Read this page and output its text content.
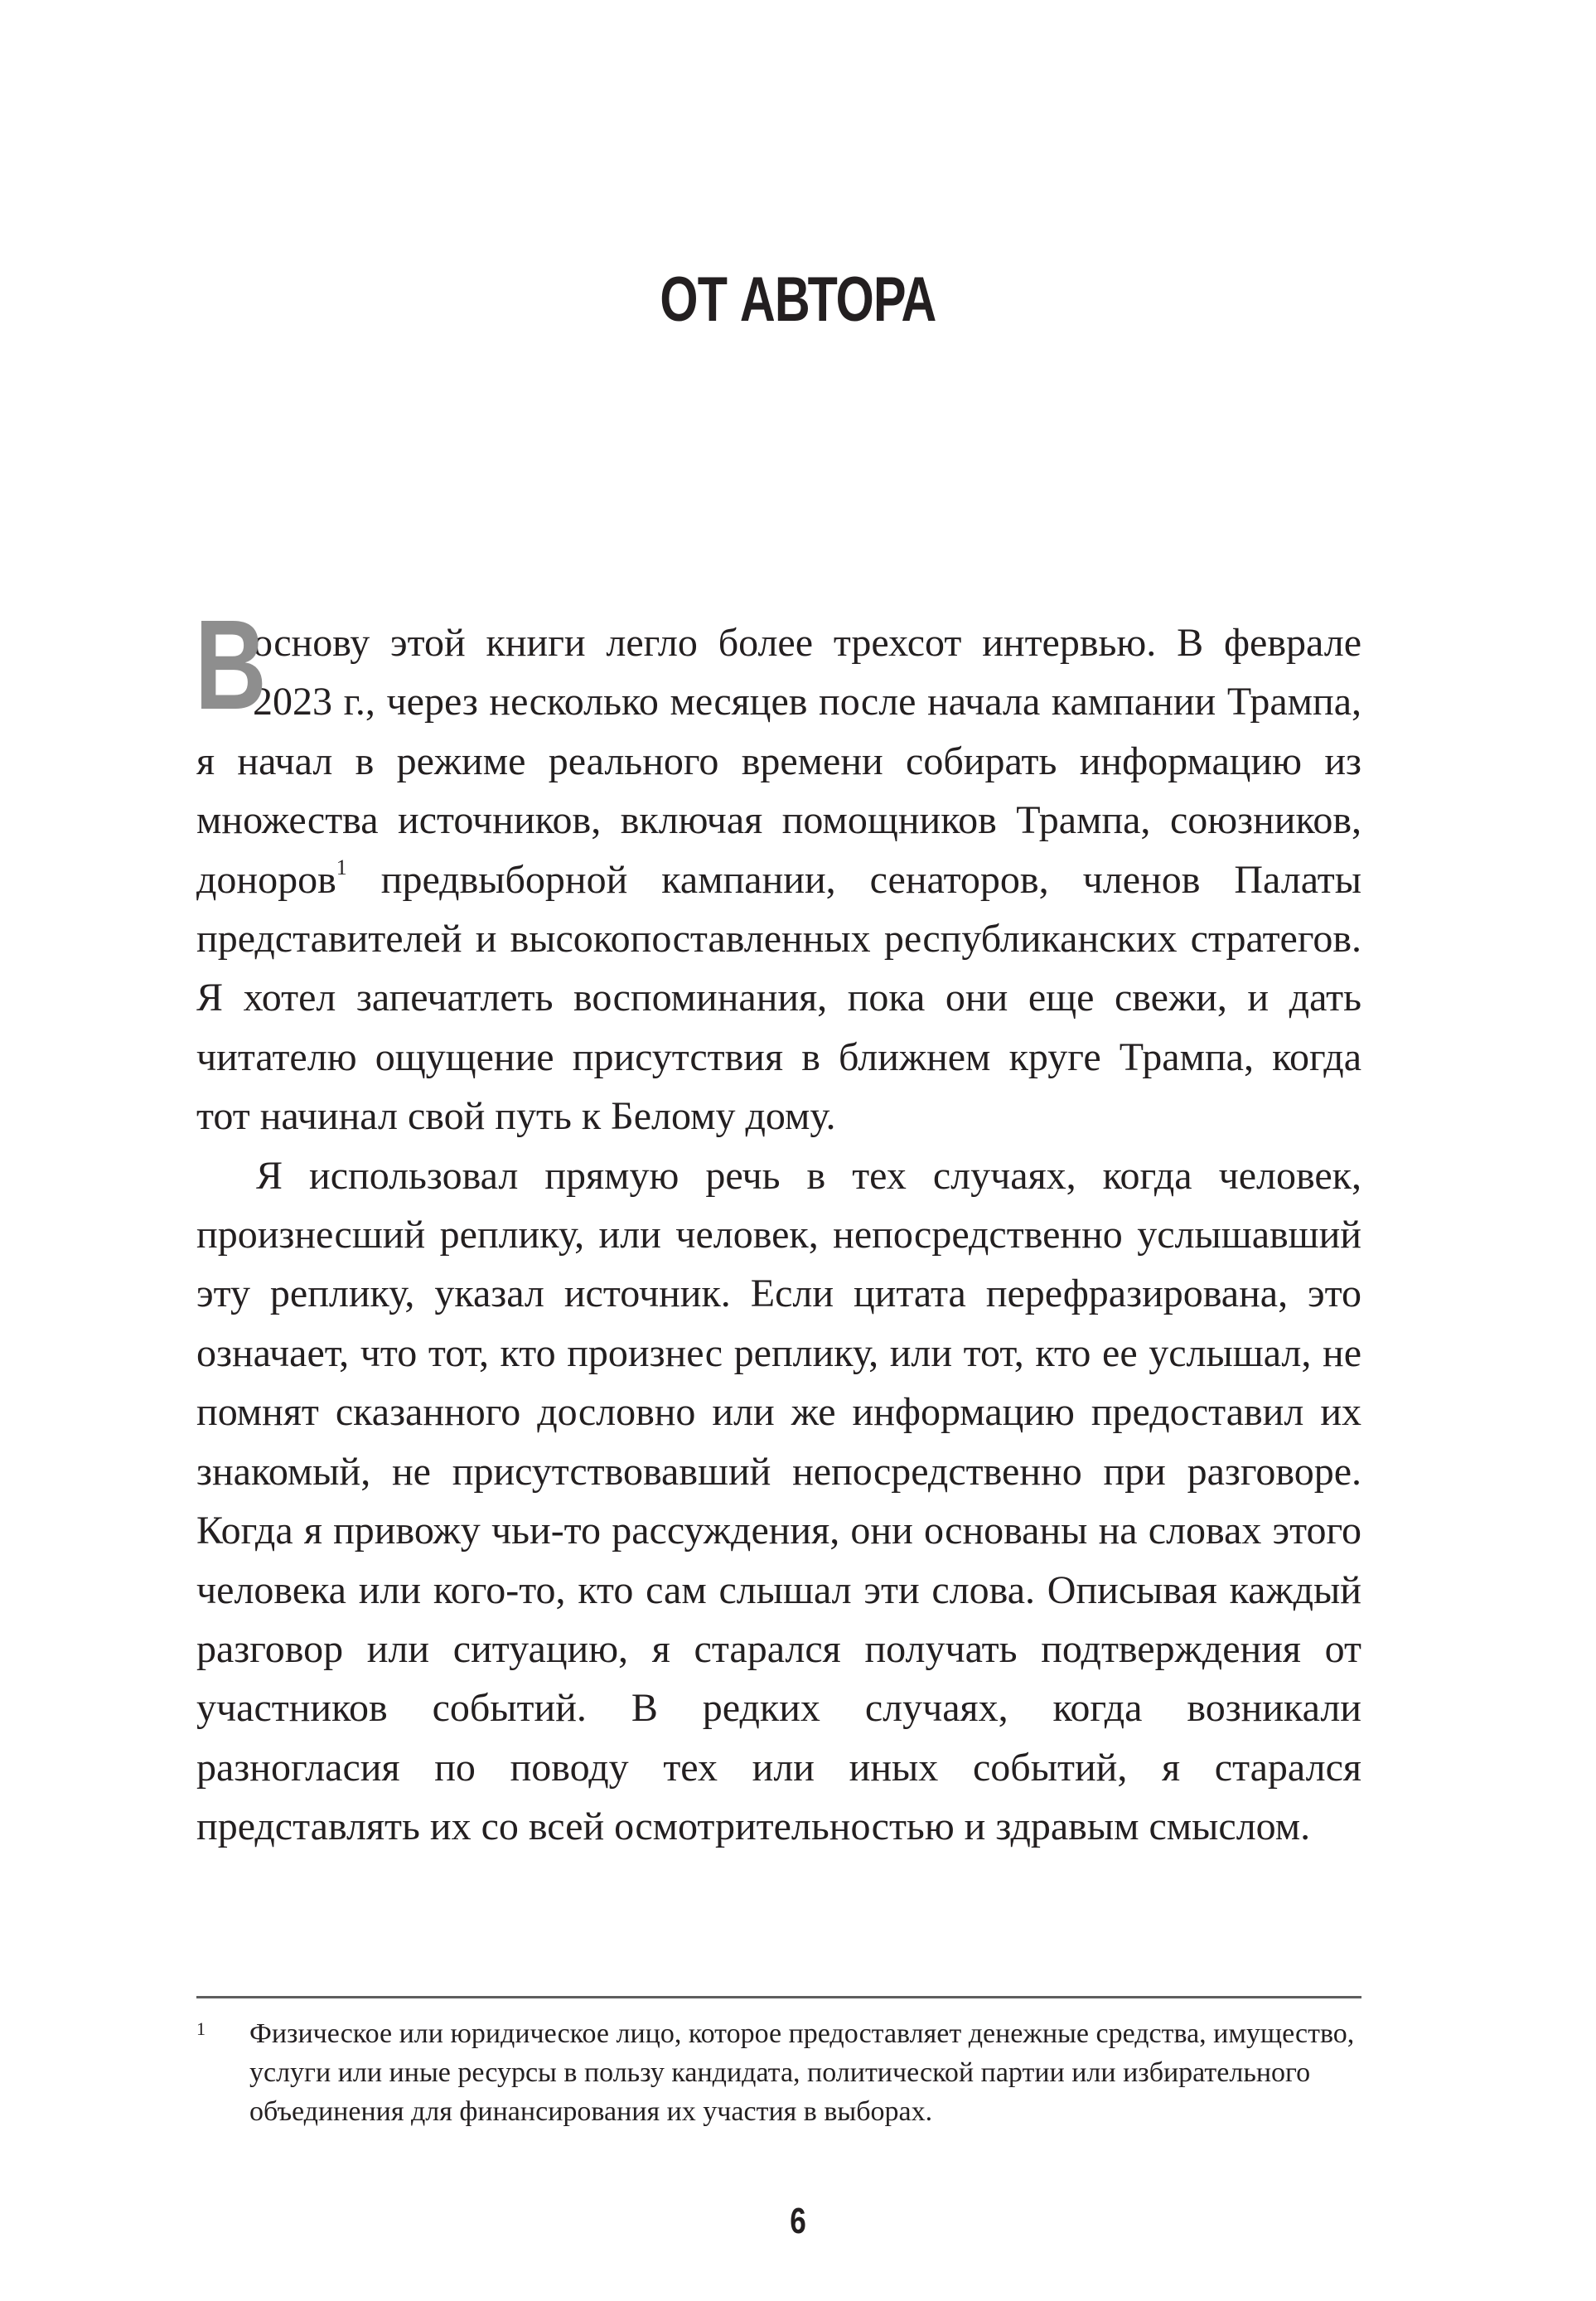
ОТ АВТОРА

В
основу этой книги легло более трехсот интервью. В феврале 2023 г., через несколько месяцев после начала кампании Трампа, я начал в режиме реального времени собирать информацию из множества источников, включая помощников Трампа, союзников, доноров$^1$ предвыборной кампании, сенаторов, членов Палаты представителей и высокопоставленных республиканских стратегов. Я хотел запечатлеть воспоминания, пока они еще свежи, и дать читателю ощущение присутствия в ближнем круге Трампа, когда тот начинал свой путь к Белому дому.

Я использовал прямую речь в тех случаях, когда человек, произнесший реплику, или человек, непосредственно услышавший эту реплику, указал источник. Если цитата перефразирована, это означает, что тот, кто произнес реплику, или тот, кто ее услышал, не помнят сказанного дословно или же информацию предоставил их знакомый, не присутствовавший непосредственно при разговоре. Когда я привожу чьи-то рассуждения, они основаны на словах этого человека или кого-то, кто сам слышал эти слова. Описывая каждый разговор или ситуацию, я старался получать подтверждения от участников событий. В редких случаях, когда возникали разногласия по поводу тех или иных событий, я старался представлять их со всей осмотрительностью и здравым смыслом.

1 Физическое или юридическое лицо, которое предоставляет денежные средства, имущество, услуги или иные ресурсы в пользу кандидата, политической партии или избирательного объединения для финансирования их участия в выборах.
6
